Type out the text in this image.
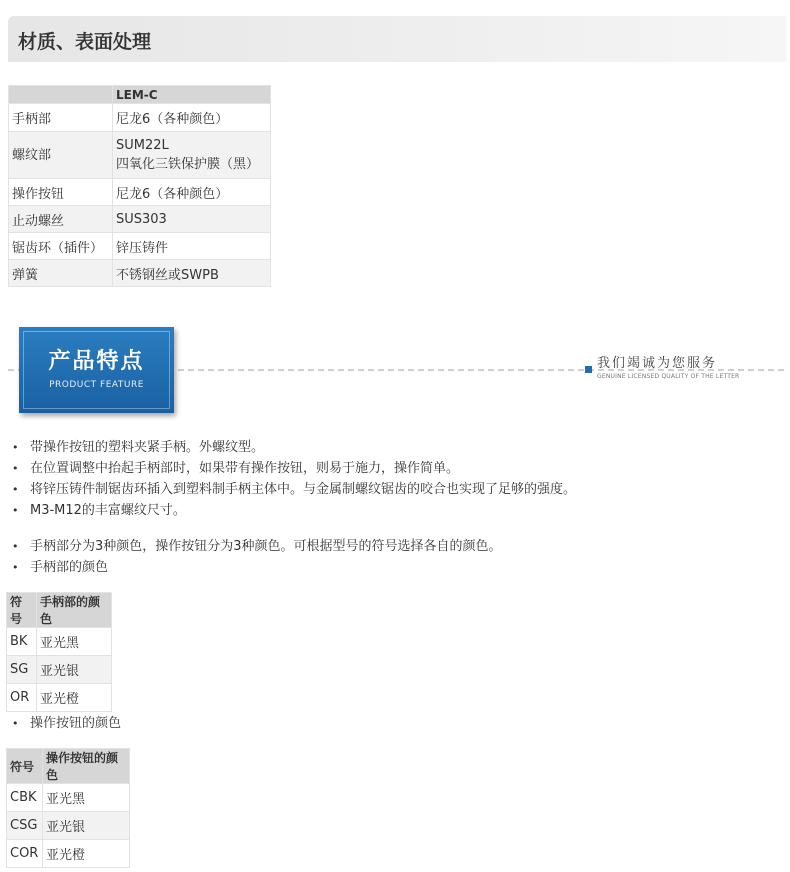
材质、表面处理
	LEM-C
手柄部	尼龙6（各种颜色）
螺纹部	SUM22L
四氧化三铁保护膜（黑）

操作按钮	尼龙6（各种颜色）
止动螺丝	SUS303
锯齿环（插件）	锌压铸件
弹簧	不锈钢丝或SWPB
产品特点
PRODUCT FEATURE
我们竭诚为您服务
GENUINE LICENSED QUALITY OF THE LETTER
• 带操作按钮的塑料夹紧手柄。外螺纹型。
• 在位置调整中抬起手柄部时，如果带有操作按钮，则易于施力，操作简单。
• 将锌压铸件制锯齿环插入到塑料制手柄主体中。与金属制螺纹锯齿的咬合也实现了足够的强度。
• M3-M12的丰富螺纹尺寸。
• 手柄部分为3种颜色，操作按钮分为3种颜色。可根据型号的符号选择各自的颜色。
• 手柄部的颜色
符号	手柄部的颜色
BK	亚光黑
SG	亚光银
OR	亚光橙
• 操作按钮的颜色
符号	操作按钮的颜色
CBK	亚光黑
CSG	亚光银
COR	亚光橙
